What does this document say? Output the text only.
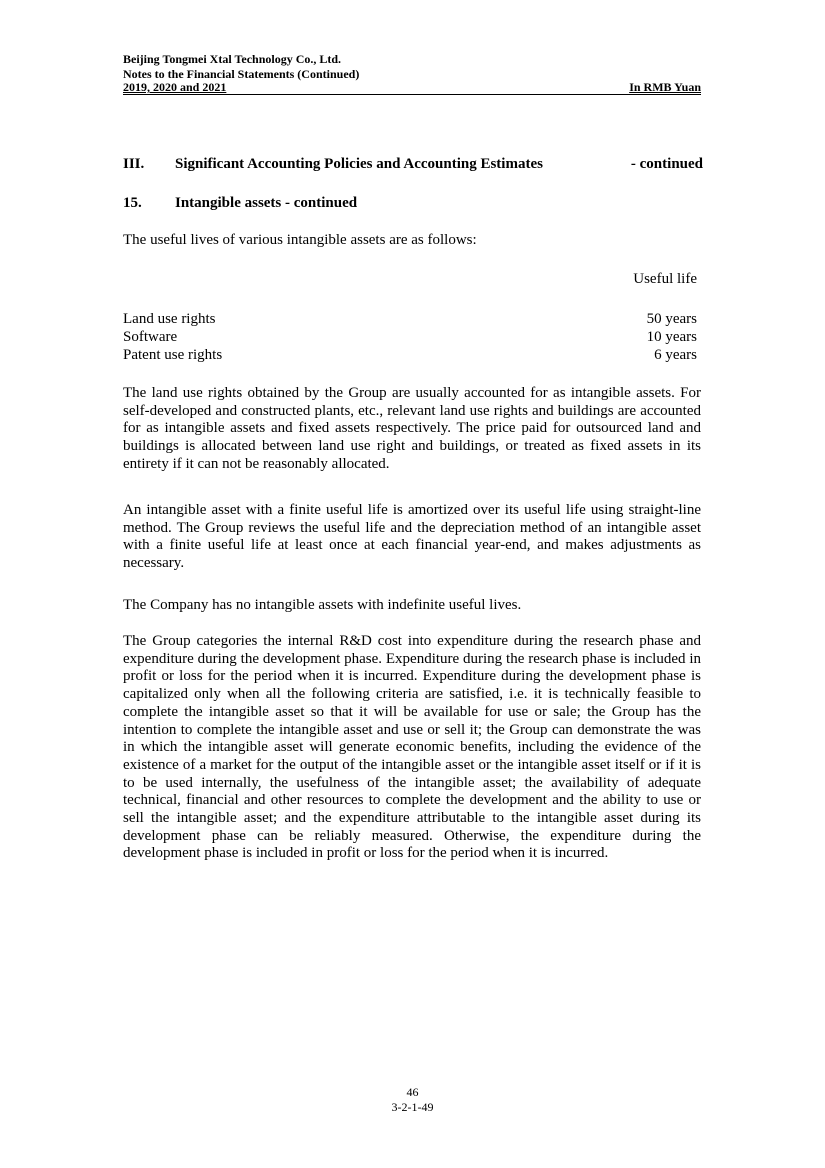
Beijing Tongmei Xtal Technology Co., Ltd.
Notes to the Financial Statements (Continued)
2019, 2020 and 2021	In RMB Yuan
III. Significant Accounting Policies and Accounting Estimates	- continued
15. Intangible assets - continued
The useful lives of various intangible assets are as follows:
Useful life
Land use rights	50 years
Software	10 years
Patent use rights	6 years

The land use rights obtained by the Group are usually accounted for as intangible assets. For self-developed and constructed plants, etc., relevant land use rights and buildings are accounted for as intangible assets and fixed assets respectively. The price paid for outsourced land and buildings is allocated between land use right and buildings, or treated as fixed assets in its entirety if it can not be reasonably allocated.

An intangible asset with a finite useful life is amortized over its useful life using straight-line method. The Group reviews the useful life and the depreciation method of an intangible asset with a finite useful life at least once at each financial year-end, and makes adjustments as necessary.

The Company has no intangible assets with indefinite useful lives.

The Group categories the internal R&D cost into expenditure during the research phase and expenditure during the development phase. Expenditure during the research phase is included in profit or loss for the period when it is incurred. Expenditure during the development phase is capitalized only when all the following criteria are satisfied, i.e. it is technically feasible to complete the intangible asset so that it will be available for use or sale; the Group has the intention to complete the intangible asset and use or sell it; the Group can demonstrate the was in which the intangible asset will generate economic benefits, including the evidence of the existence of a market for the output of the intangible asset or the intangible asset itself or if it is to be used internally, the usefulness of the intangible asset; the availability of adequate technical, financial and other resources to complete the development and the ability to use or sell the intangible asset; and the expenditure attributable to the intangible asset during its development phase can be reliably measured. Otherwise, the expenditure during the development phase is included in profit or loss for the period when it is incurred.

46
3-2-1-49
